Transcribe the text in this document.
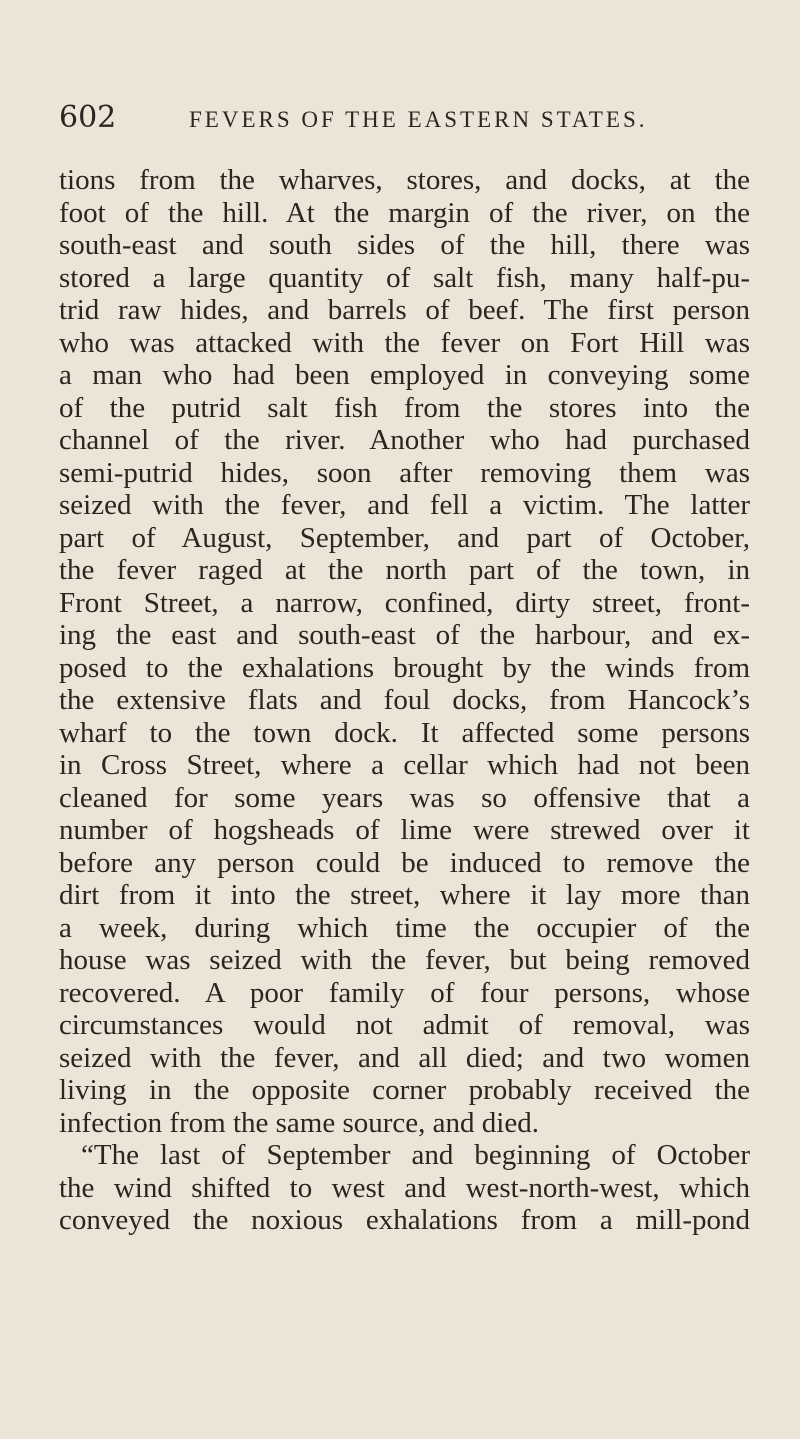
602	FEVERS OF THE EASTERN STATES.
tions from the wharves, stores, and docks, at the
foot of the hill. At the margin of the river, on the
south-east and south sides of the hill, there was
stored a large quantity of salt fish, many half-pu-
trid raw hides, and barrels of beef. The first person
who was attacked with the fever on Fort Hill was
a man who had been employed in conveying some
of the putrid salt fish from the stores into the
channel of the river. Another who had purchased
semi-putrid hides, soon after removing them was
seized with the fever, and fell a victim. The latter
part of August, September, and part of October,
the fever raged at the north part of the town, in
Front Street, a narrow, confined, dirty street, front-
ing the east and south-east of the harbour, and ex-
posed to the exhalations brought by the winds from
the extensive flats and foul docks, from Hancock’s
wharf to the town dock. It affected some persons
in Cross Street, where a cellar which had not been
cleaned for some years was so offensive that a
number of hogsheads of lime were strewed over it
before any person could be induced to remove the
dirt from it into the street, where it lay more than
a week, during which time the occupier of the
house was seized with the fever, but being removed
recovered. A poor family of four persons, whose
circumstances would not admit of removal, was
seized with the fever, and all died; and two women
living in the opposite corner probably received the
infection from the same source, and died.
“The last of September and beginning of October
the wind shifted to west and west-north-west, which
conveyed the noxious exhalations from a mill-pond
